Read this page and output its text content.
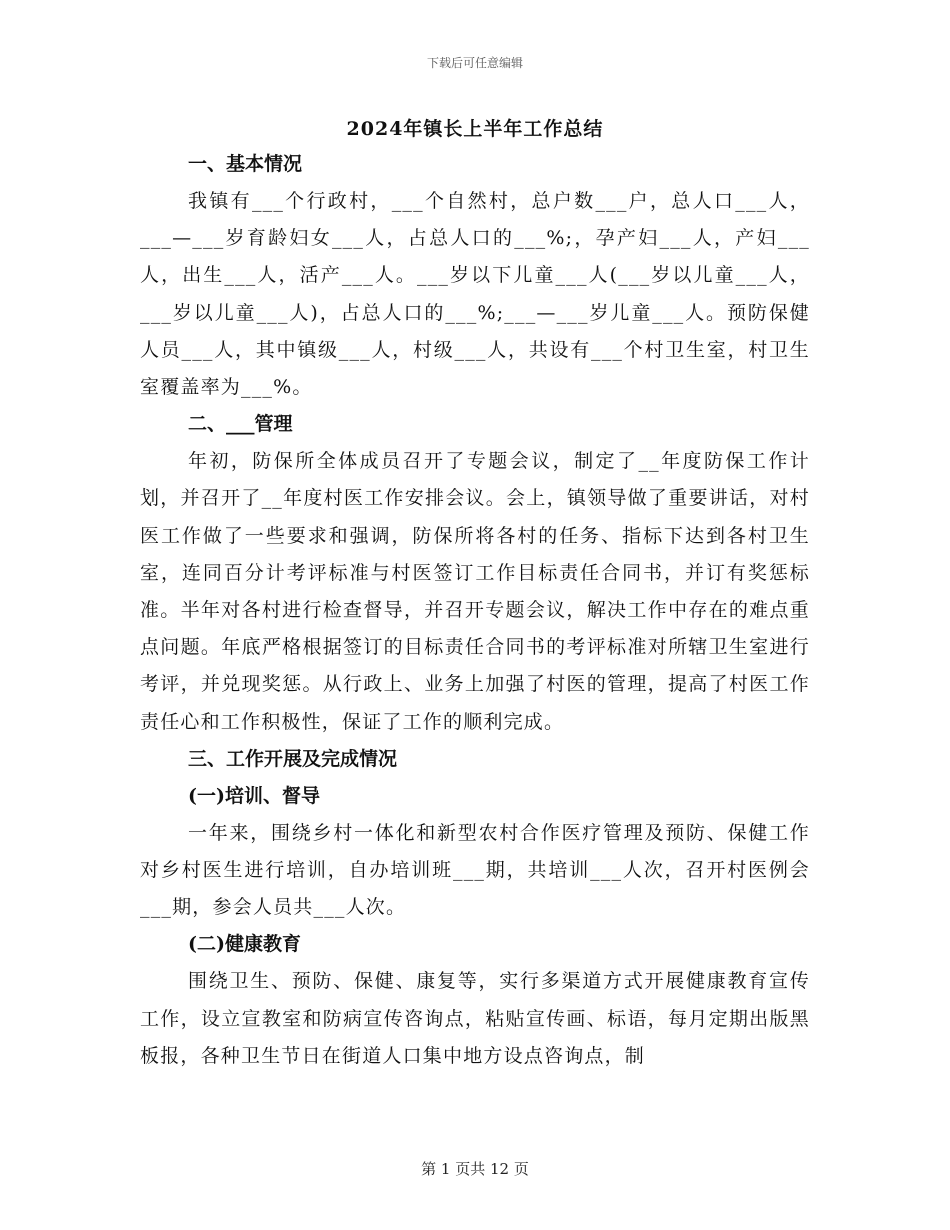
下载后可任意编辑
2024年镇长上半年工作总结

一、基本情况

我镇有___个行政村，___个自然村，总户数___户，总人口___人，___—___岁育龄妇女___人，占总人口的___%;，孕产妇___人，产妇___人，出生___人，活产___人。___岁以下儿童___人(___岁以儿童___人，___岁以儿童___人)，占总人口的___%;___—___岁儿童___人。预防保健人员___人，其中镇级___人，村级___人，共设有___个村卫生室，村卫生室覆盖率为___%。

二、___管理

年初，防保所全体成员召开了专题会议，制定了__年度防保工作计划，并召开了__年度村医工作安排会议。会上，镇领导做了重要讲话，对村医工作做了一些要求和强调，防保所将各村的任务、指标下达到各村卫生室，连同百分计考评标准与村医签订工作目标责任合同书，并订有奖惩标准。半年对各村进行检查督导，并召开专题会议，解决工作中存在的难点重点问题。年底严格根据签订的目标责任合同书的考评标准对所辖卫生室进行考评，并兑现奖惩。从行政上、业务上加强了村医的管理，提高了村医工作责任心和工作积极性，保证了工作的顺利完成。

三、工作开展及完成情况

(一)培训、督导

一年来，围绕乡村一体化和新型农村合作医疗管理及预防、保健工作对乡村医生进行培训，自办培训班___期，共培训___人次，召开村医例会___期，参会人员共___人次。

(二)健康教育

围绕卫生、预防、保健、康复等，实行多渠道方式开展健康教育宣传工作，设立宣教室和防病宣传咨询点，粘贴宣传画、标语，每月定期出版黑板报，各种卫生节日在街道人口集中地方设点咨询点，制

第 1 页共 12 页
